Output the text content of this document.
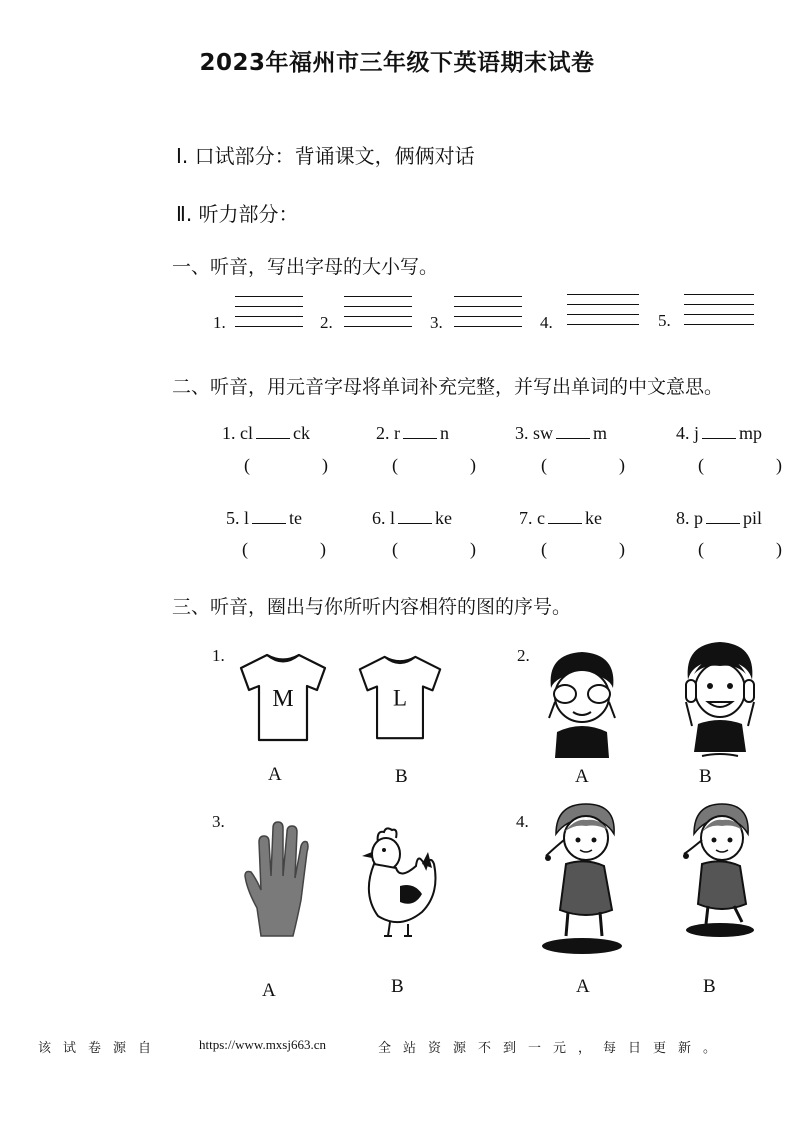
2023年福州市三年级下英语期末试卷
Ⅰ. 口试部分：背诵课文，俩俩对话
Ⅱ. 听力部分：
一、听音，写出字母的大小写。
1.	2.	3.	4.	5.
二、听音，用元音字母将单词补充完整，并写出单词的中文意思。
1. cl ck
(	)
2. r n
(	)
3. sw m
(	)
4. j mp
(	)
5. l te
(	)
6. l ke
(	)
7. c ke
(	)
8. p pil
(	)
三、听音，圈出与你所听内容相符的图的序号。
1.
M	L
A	B
2.
A	B
3.
A	B
4.
A	B
该试卷源自	https://www.mxsj663.cn	全站资源不到一元，每日更新。
